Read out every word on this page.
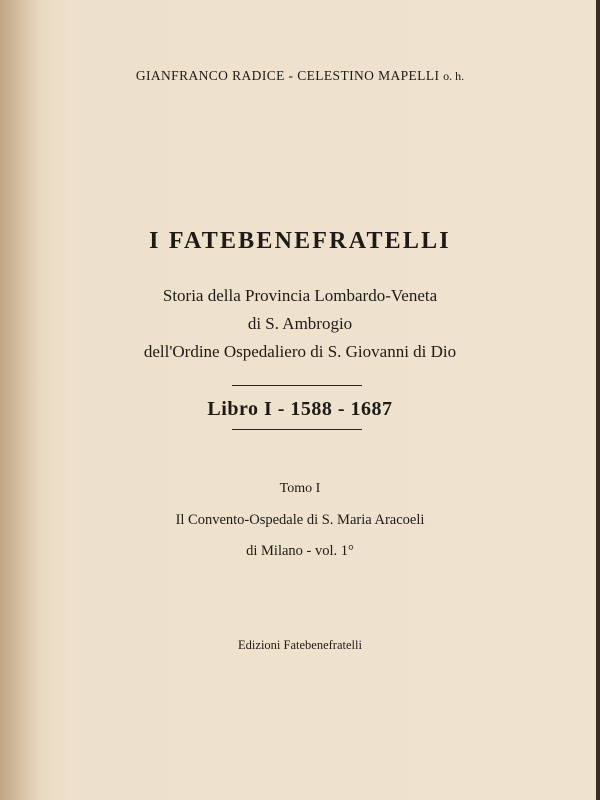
GIANFRANCO RADICE - CELESTINO MAPELLI o. h.
I FATEBENEFRATELLI
Storia della Provincia Lombardo-Veneta
di S. Ambrogio
dell'Ordine Ospedaliero di S. Giovanni di Dio
Libro I - 1588 - 1687
Tomo I
Il Convento-Ospedale di S. Maria Aracoeli
di Milano - vol. 1°
Edizioni Fatebenefratelli
